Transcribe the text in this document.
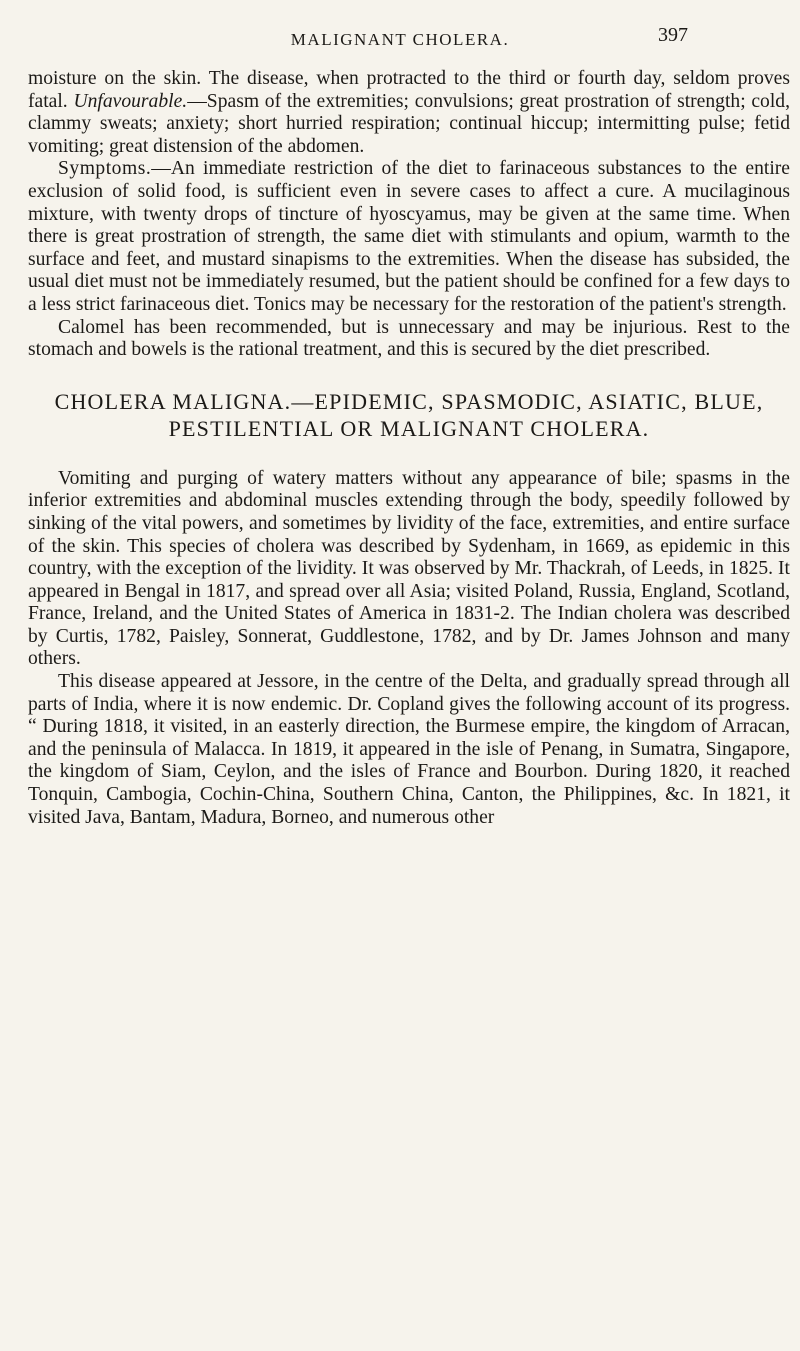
MALIGNANT CHOLERA.	397

moisture on the skin. The disease, when protracted to the third or fourth day, seldom proves fatal. Unfavourable.—Spasm of the extremities; convulsions; great prostration of strength; cold, clammy sweats; anxiety; short hurried respiration; continual hiccup; intermitting pulse; fetid vomiting; great distension of the abdomen.

Symptoms.—An immediate restriction of the diet to farinaceous substances to the entire exclusion of solid food, is sufficient even in severe cases to affect a cure. A mucilaginous mixture, with twenty drops of tincture of hyoscyamus, may be given at the same time. When there is great prostration of strength, the same diet with stimulants and opium, warmth to the surface and feet, and mustard sinapisms to the extremities. When the disease has subsided, the usual diet must not be immediately resumed, but the patient should be confined for a few days to a less strict farinaceous diet. Tonics may be necessary for the restoration of the patient's strength.

Calomel has been recommended, but is unnecessary and may be injurious. Rest to the stomach and bowels is the rational treatment, and this is secured by the diet prescribed.

CHOLERA MALIGNA.—EPIDEMIC, SPASMODIC, ASIATIC, BLUE, PESTILENTIAL OR MALIGNANT CHOLERA.

Vomiting and purging of watery matters without any appearance of bile; spasms in the inferior extremities and abdominal muscles extending through the body, speedily followed by sinking of the vital powers, and sometimes by lividity of the face, extremities, and entire surface of the skin. This species of cholera was described by Sydenham, in 1669, as epidemic in this country, with the exception of the lividity. It was observed by Mr. Thackrah, of Leeds, in 1825. It appeared in Bengal in 1817, and spread over all Asia; visited Poland, Russia, England, Scotland, France, Ireland, and the United States of America in 1831-2. The Indian cholera was described by Curtis, 1782, Paisley, Sonnerat, Guddlestone, 1782, and by Dr. James Johnson and many others.

This disease appeared at Jessore, in the centre of the Delta, and gradually spread through all parts of India, where it is now endemic. Dr. Copland gives the following account of its progress. “ During 1818, it visited, in an easterly direction, the Burmese empire, the kingdom of Arracan, and the peninsula of Malacca. In 1819, it appeared in the isle of Penang, in Sumatra, Singapore, the kingdom of Siam, Ceylon, and the isles of France and Bourbon. During 1820, it reached Tonquin, Cambogia, Cochin-China, Southern China, Canton, the Philippines, &c. In 1821, it visited Java, Bantam, Madura, Borneo, and numerous other
